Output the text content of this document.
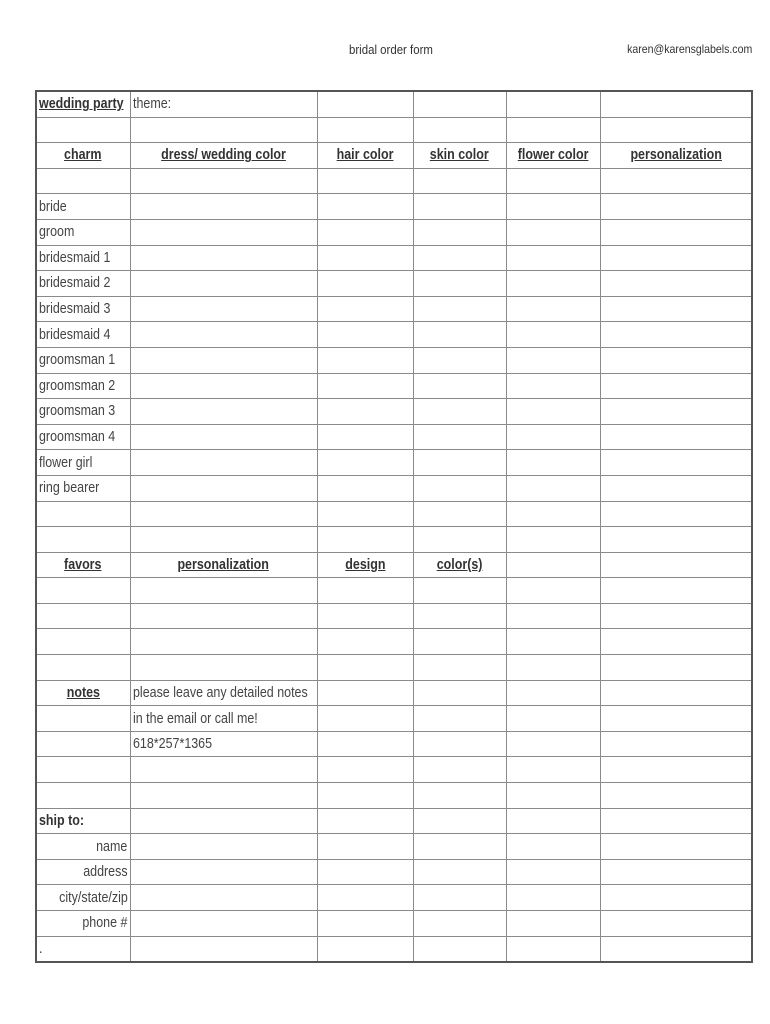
bridal order form	karen@karensglabels.com
wedding party	theme:				

charm	dress/ wedding color	hair color	skin color	flower color	personalization

bride					
groom					
bridesmaid 1					
bridesmaid 2					
bridesmaid 3					
bridesmaid 4					
groomsman 1					
groomsman 2					
groomsman 3					
groomsman 4					
flower girl					
ring bearer					

favors	personalization	design	color(s)		

notes	please leave any detailed notes				
	in the email or call me!				
	618*257*1365				

ship to:					
name					
address					
city/state/zip					
phone #					
.					
